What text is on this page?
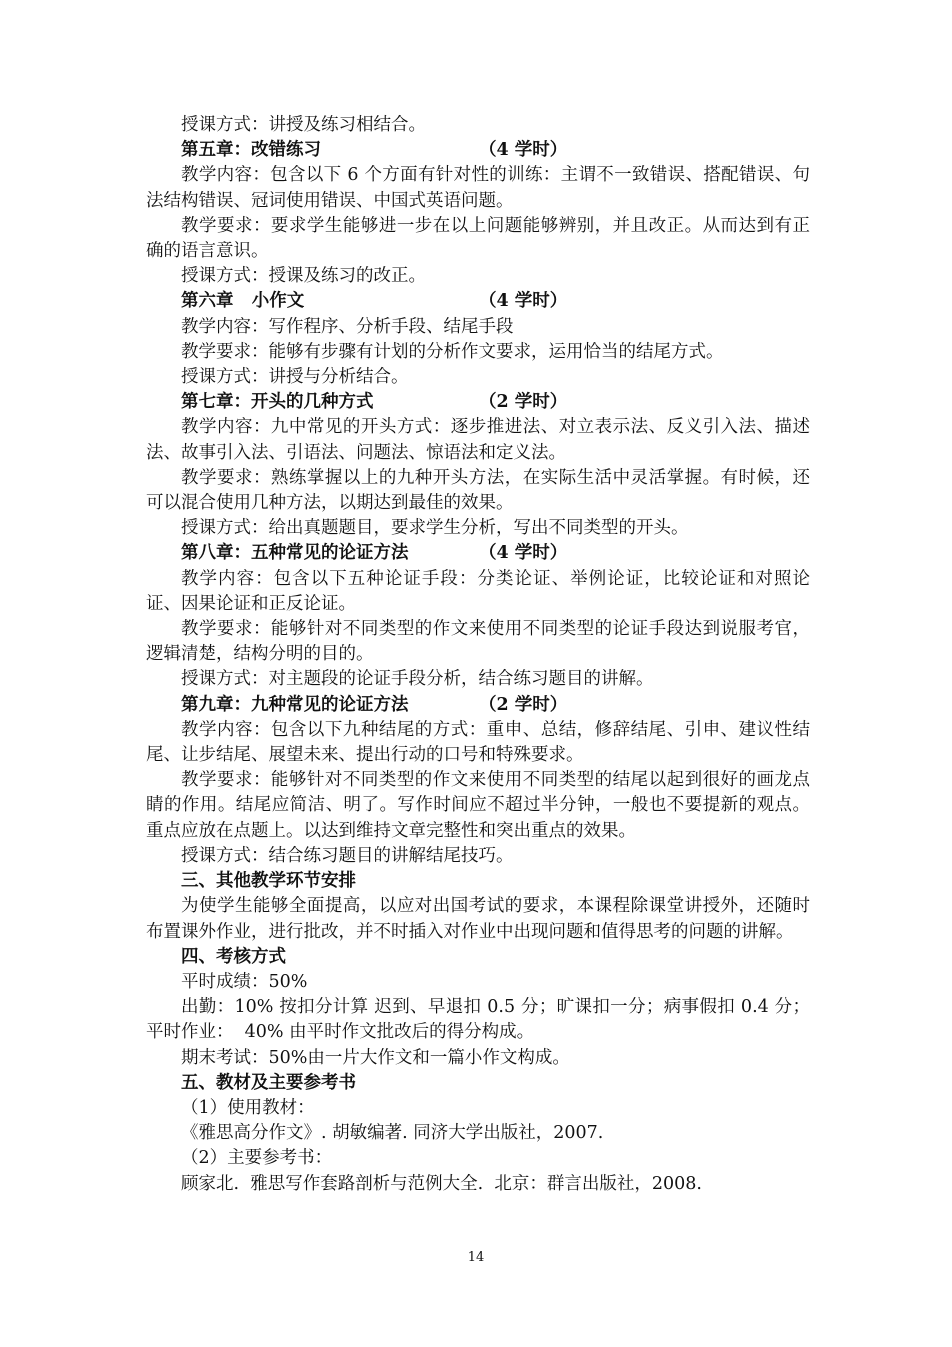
授课方式：讲授及练习相结合。

第五章：改错练习	（4 学时）

教学内容：包含以下 6 个方面有针对性的训练：主谓不一致错误、搭配错误、句法结构错误、冠词使用错误、中国式英语问题。

教学要求：要求学生能够进一步在以上问题能够辨别，并且改正。从而达到有正确的语言意识。

授课方式：授课及练习的改正。

第六章   小作文	（4 学时）

教学内容：写作程序、分析手段、结尾手段

教学要求：能够有步骤有计划的分析作文要求，运用恰当的结尾方式。

授课方式：讲授与分析结合。

第七章：开头的几种方式	（2 学时）

教学内容：九中常见的开头方式：逐步推进法、对立表示法、反义引入法、描述法、故事引入法、引语法、问题法、惊语法和定义法。

教学要求：熟练掌握以上的九种开头方法，在实际生活中灵活掌握。有时候，还可以混合使用几种方法，以期达到最佳的效果。

授课方式：给出真题题目，要求学生分析，写出不同类型的开头。

第八章：五种常见的论证方法	（4 学时）

教学内容：包含以下五种论证手段：分类论证、举例论证，比较论证和对照论证、因果论证和正反论证。

教学要求：能够针对不同类型的作文来使用不同类型的论证手段达到说服考官，逻辑清楚，结构分明的目的。

授课方式：对主题段的论证手段分析，结合练习题目的讲解。

第九章：九种常见的论证方法	（2 学时）

教学内容：包含以下九种结尾的方式：重申、总结，修辞结尾、引申、建议性结尾、让步结尾、展望未来、提出行动的口号和特殊要求。

教学要求：能够针对不同类型的作文来使用不同类型的结尾以起到很好的画龙点睛的作用。结尾应简洁、明了。写作时间应不超过半分钟，一般也不要提新的观点。重点应放在点题上。以达到维持文章完整性和突出重点的效果。

授课方式：结合练习题目的讲解结尾技巧。

三、其他教学环节安排

为使学生能够全面提高，以应对出国考试的要求，本课程除课堂讲授外，还随时布置课外作业，进行批改，并不时插入对作业中出现问题和值得思考的问题的讲解。

四、考核方式

平时成绩：50%

出勤：10% 按扣分计算 迟到、早退扣 0.5 分；旷课扣一分；病事假扣 0.4 分；平时作业：  40% 由平时作文批改后的得分构成。

期末考试：50%由一片大作文和一篇小作文构成。

五、教材及主要参考书

（1）使用教材：

《雅思高分作文》. 胡敏编著. 同济大学出版社，2007.

（2）主要参考书：

顾家北.  雅思写作套路剖析与范例大全.  北京：群言出版社，2008.

14
